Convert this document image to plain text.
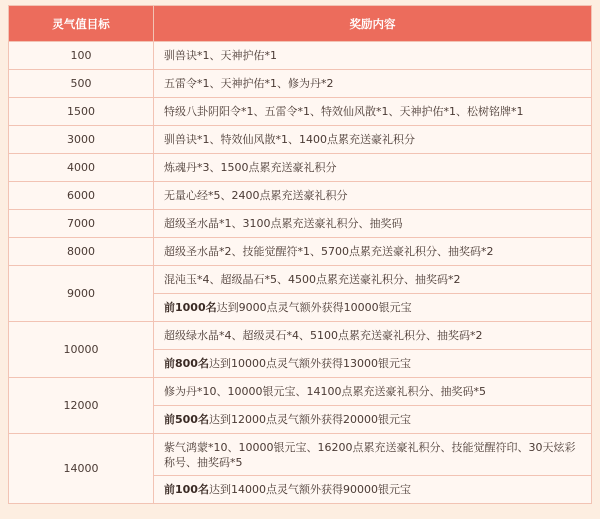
灵气值目标	奖励内容
100	驯兽诀*1、天神护佑*1
500	五雷令*1、天神护佑*1、修为丹*2
1500	特级八卦阴阳令*1、五雷令*1、特效仙风散*1、天神护佑*1、松树铭牌*1
3000	驯兽诀*1、特效仙风散*1、1400点累充送豪礼积分
4000	炼魂丹*3、1500点累充送豪礼积分
6000	无量心经*5、2400点累充送豪礼积分
7000	超级圣水晶*1、3100点累充送豪礼积分、抽奖码
8000	超级圣水晶*2、技能觉醒符*1、5700点累充送豪礼积分、抽奖码*2
9000	混沌玉*4、超级晶石*5、4500点累充送豪礼积分、抽奖码*2
	前1000名达到9000点灵气额外获得10000银元宝
10000	超级绿水晶*4、超级灵石*4、5100点累充送豪礼积分、抽奖码*2
	前800名达到10000点灵气额外获得13000银元宝
12000	修为丹*10、10000银元宝、14100点累充送豪礼积分、抽奖码*5
	前500名达到12000点灵气额外获得20000银元宝
14000	紫气鸿蒙*10、10000银元宝、16200点累充送豪礼积分、技能觉醒符印、30天炫彩称号、抽奖码*5
	前100名达到14000点灵气额外获得90000银元宝
